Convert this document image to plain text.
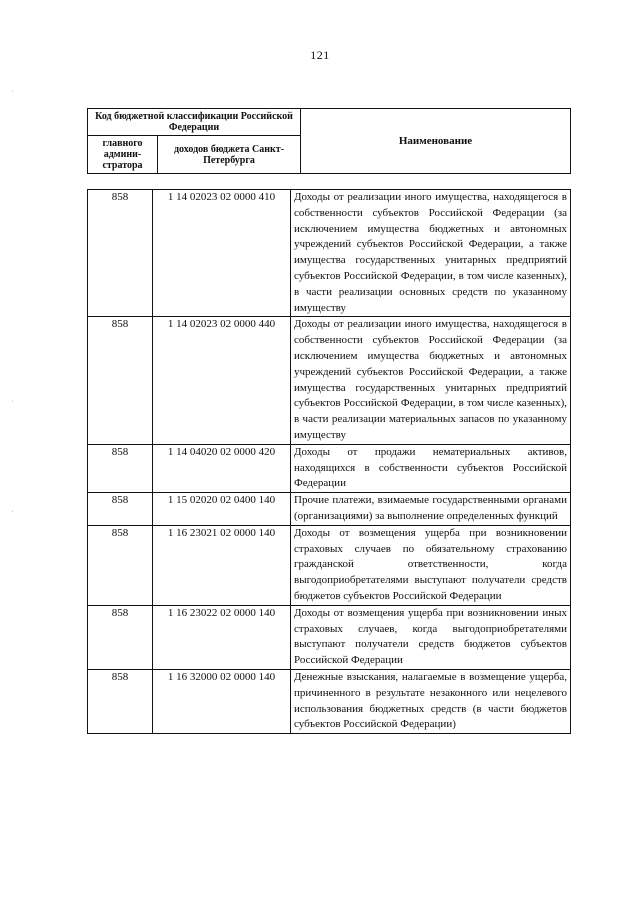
121
·
·
·
Код бюджетной классификации Российской Федерации		Наименование
главного админи-стратора	доходов бюджета Санкт-Петербурга	
858	1 14 02023 02 0000 410	Доходы от реализации иного имущества, находящегося в собственности субъектов Российской Федерации (за исключением имущества бюджетных и автономных учреждений субъектов Российской Федерации, а также имущества государственных унитарных предприятий субъектов Российской Федерации, в том числе казенных), в части реализации основных средств по указанному имуществу
858	1 14 02023 02 0000 440	Доходы от реализации иного имущества, находящегося в собственности субъектов Российской Федерации (за исключением имущества бюджетных и автономных учреждений субъектов Российской Федерации, а также имущества государственных унитарных предприятий субъектов Российской Федерации, в том числе казенных), в части реализации материальных запасов по указанному имуществу
858	1 14 04020 02 0000 420	Доходы от продажи нематериальных активов, находящихся в собственности субъектов Российской Федерации
858	1 15 02020 02 0400 140	Прочие платежи, взимаемые государственными органами (организациями) за выполнение определенных функций
858	1 16 23021 02 0000 140	Доходы от возмещения ущерба при возникновении страховых случаев по обязательному страхованию гражданской ответственности, когда выгодоприобретателями выступают получатели средств бюджетов субъектов Российской Федерации
858	1 16 23022 02 0000 140	Доходы от возмещения ущерба при возникновении иных страховых случаев, когда выгодоприобретателями выступают получатели средств бюджетов субъектов Российской Федерации
858	1 16 32000 02 0000 140	Денежные взыскания, налагаемые в возмещение ущерба, причиненного в результате незаконного или нецелевого использования бюджетных средств (в части бюджетов субъектов Российской Федерации)
